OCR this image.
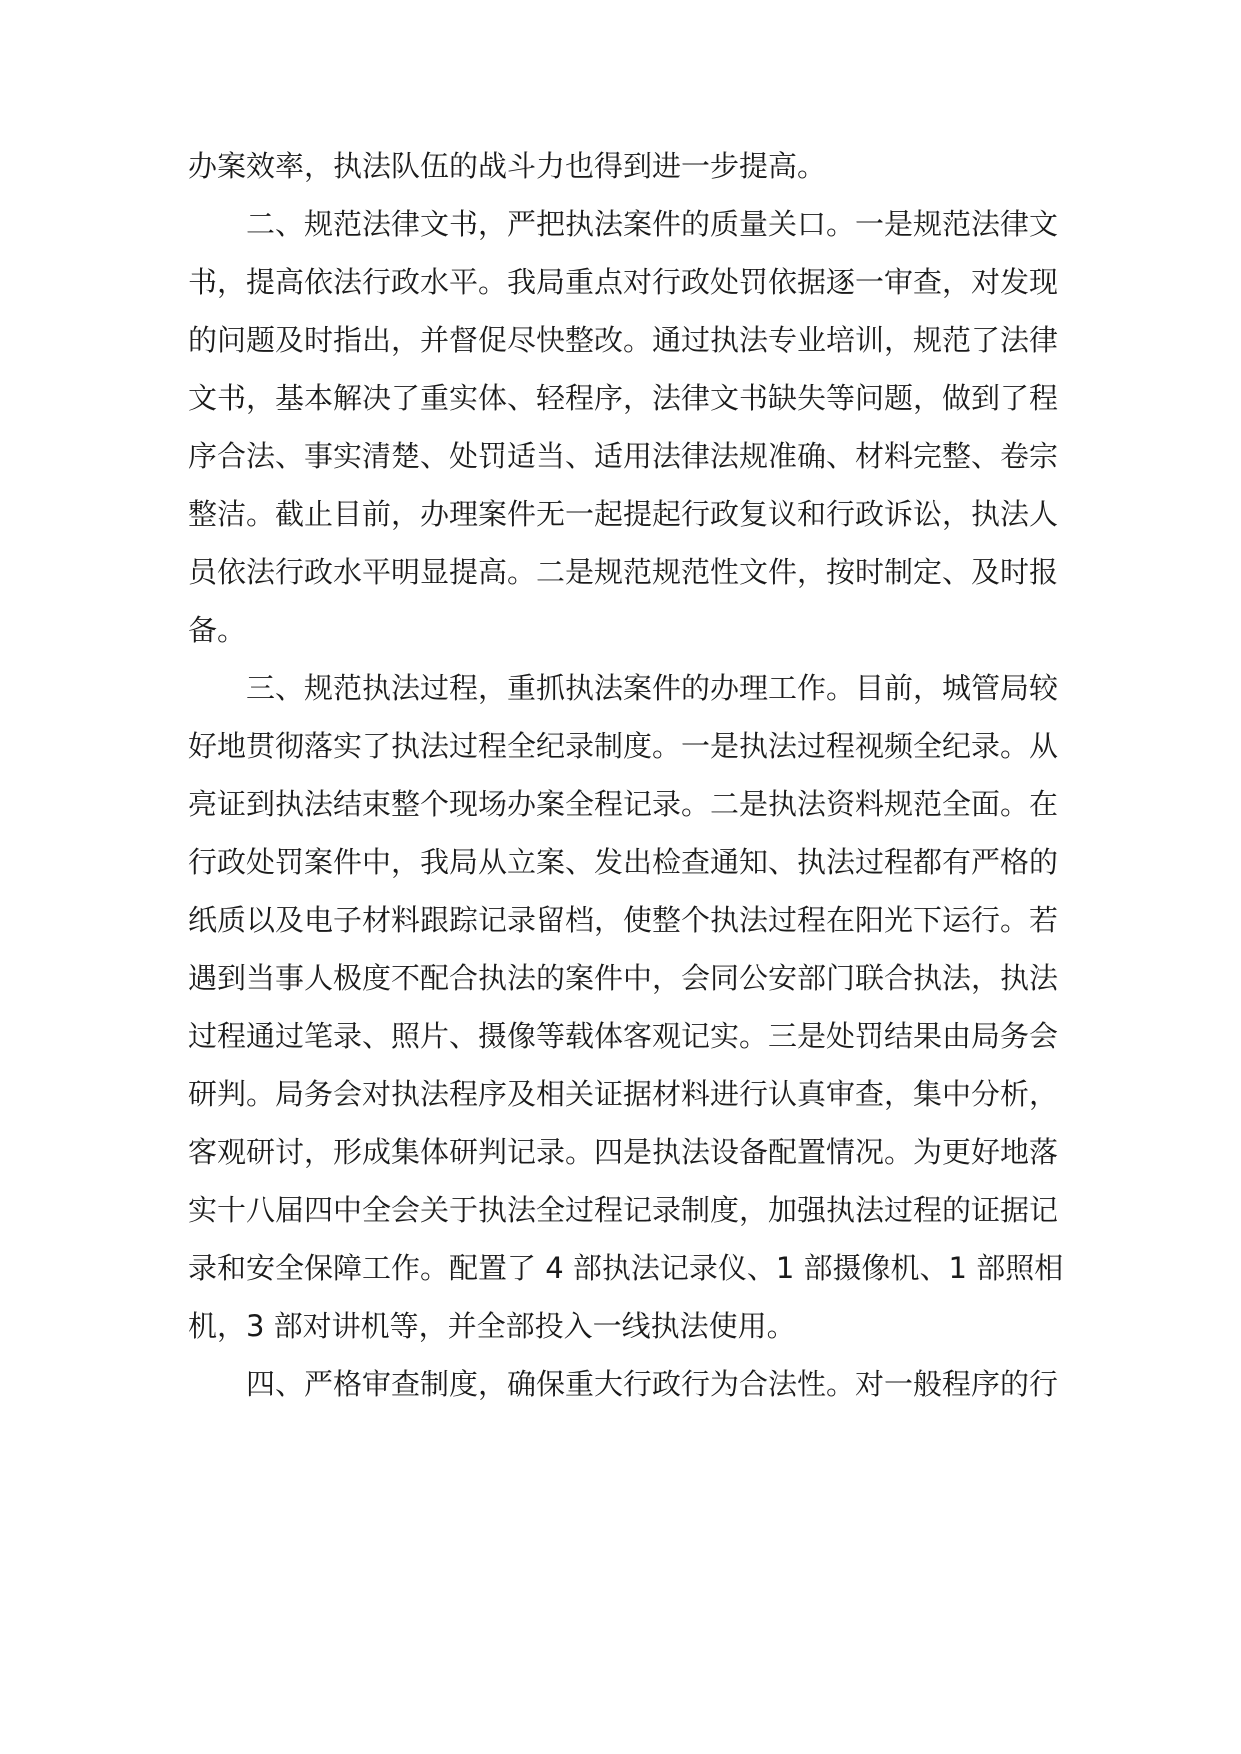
办案效率，执法队伍的战斗力也得到进一步提高。
二、规范法律文书，严把执法案件的质量关口。一是规范法律文
书，提高依法行政水平。我局重点对行政处罚依据逐一审查，对发现
的问题及时指出，并督促尽快整改。通过执法专业培训，规范了法律
文书，基本解决了重实体、轻程序，法律文书缺失等问题，做到了程
序合法、事实清楚、处罚适当、适用法律法规准确、材料完整、卷宗
整洁。截止目前，办理案件无一起提起行政复议和行政诉讼，执法人
员依法行政水平明显提高。二是规范规范性文件，按时制定、及时报
备。
三、规范执法过程，重抓执法案件的办理工作。目前，城管局较
好地贯彻落实了执法过程全纪录制度。一是执法过程视频全纪录。从
亮证到执法结束整个现场办案全程记录。二是执法资料规范全面。在
行政处罚案件中，我局从立案、发出检查通知、执法过程都有严格的
纸质以及电子材料跟踪记录留档，使整个执法过程在阳光下运行。若
遇到当事人极度不配合执法的案件中，会同公安部门联合执法，执法
过程通过笔录、照片、摄像等载体客观记实。三是处罚结果由局务会
研判。局务会对执法程序及相关证据材料进行认真审查，集中分析，
客观研讨，形成集体研判记录。四是执法设备配置情况。为更好地落
实十八届四中全会关于执法全过程记录制度，加强执法过程的证据记
录和安全保障工作。配置了 4 部执法记录仪、1 部摄像机、1 部照相
机，3 部对讲机等，并全部投入一线执法使用。
四、严格审查制度，确保重大行政行为合法性。对一般程序的行
